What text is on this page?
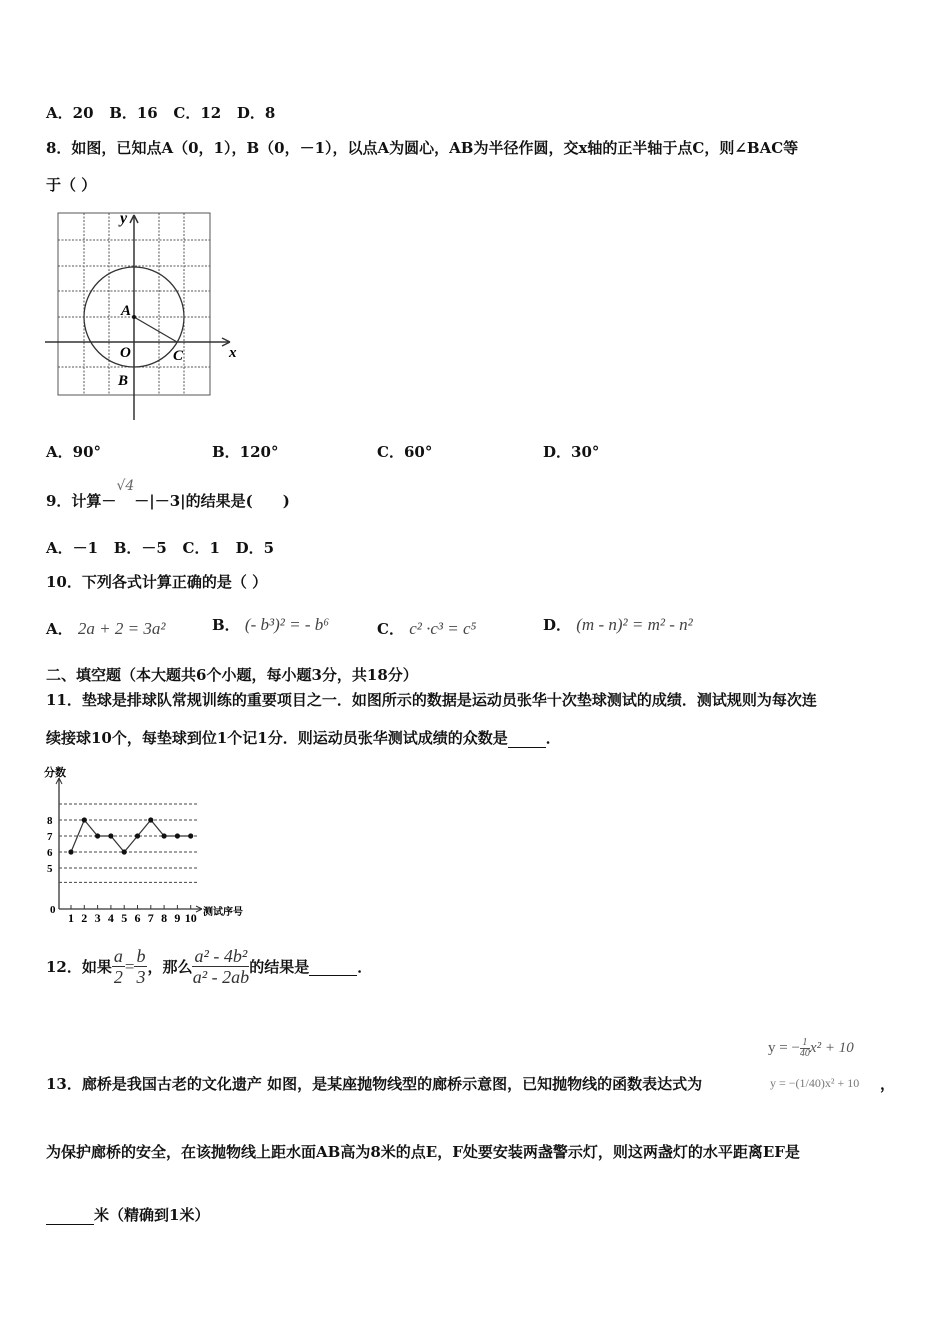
A．20 B．16 C．12 D．8
8．如图，已知点A（0，1），B（0，－1），以点A为圆心，AB为半径作圆，交x轴的正半轴于点C，则∠BAC等
于（ ）
y
x
A
O
B
C
A．90°	B．120°	C．60°	D．30°
9．计算－√4－|－3|的结果是(　　)
A．－1 B．－5 C．1 D．5
10．下列各式计算正确的是（ ）
A． 2a + 2 = 3a²	B． (- b³)² = - b⁶	C． c² ·c³ = c⁵	D． (m - n)² = m² - n²
二、填空题（本大题共6个小题，每小题3分，共18分）
11．垫球是排球队常规训练的重要项目之一．如图所示的数据是运动员张华十次垫球测试的成绩．测试规则为每次连
续接球10个，每垫球到位1个记1分．则运动员张华测试成绩的众数是	．
5
6
7
8
0
分数
测试序号
1 2 3 4 5 6 7 8 9 10
12．如果 $\frac{a}{2} = \frac{b}{3}$ ，那么 $\frac{\text{a² - 4b²}}{\text{a² - 2ab}}$ 的结果是
	．
y = − $\frac{1}{40} x^2 + 10$
13．廊桥是我国古老的文化遗产 如图，是某座抛物线型的廊桥示意图，已知抛物线的函数表达式为	y = −(1/40)x² + 10 ，
为保护廊桥的安全，在该抛物线上距水面AB高为8米的点E，F处要安装两盏警示灯，则这两盏灯的水平距离EF是
米（精确到1米）
